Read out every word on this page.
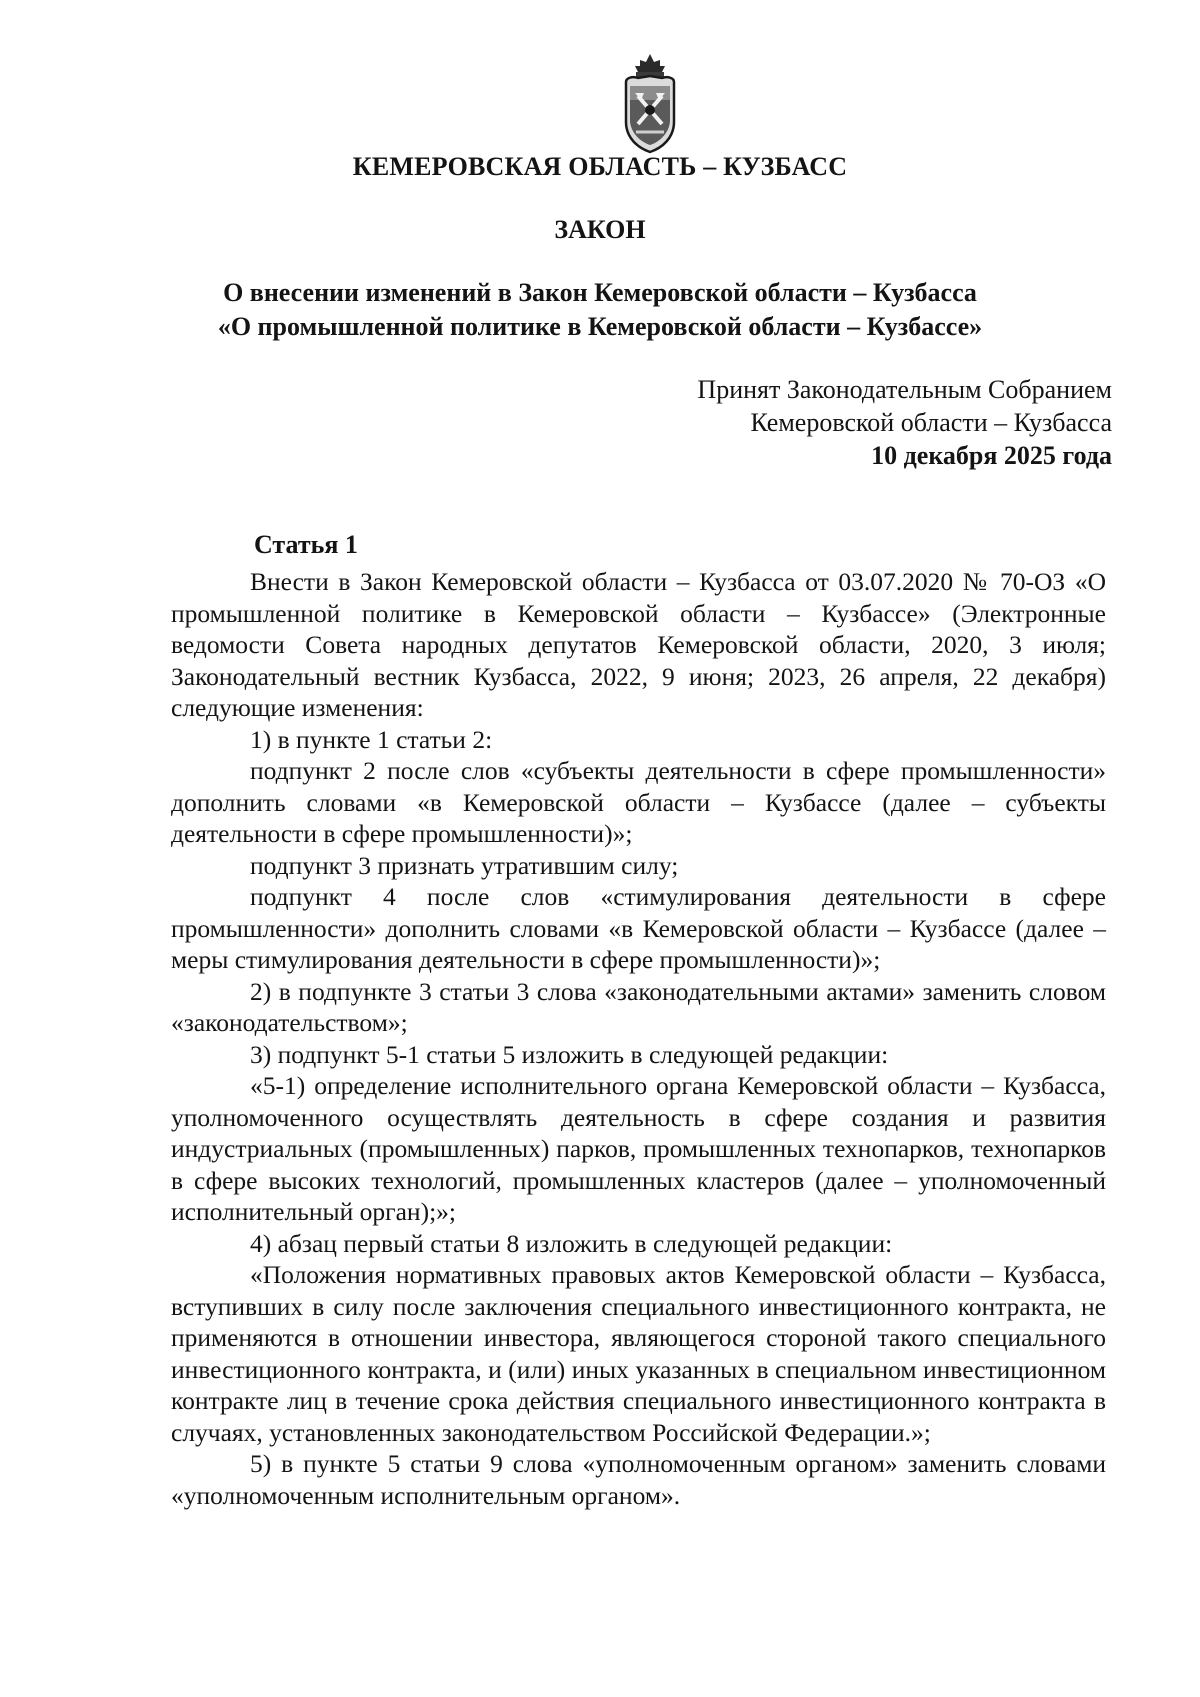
КЕМЕРОВСКАЯ ОБЛАСТЬ – КУЗБАСС
ЗАКОН
О внесении изменений в Закон Кемеровской области – Кузбасса
«О промышленной политике в Кемеровской области – Кузбассе»
Принят Законодательным Собранием
Кемеровской области – Кузбасса
10 декабря 2025 года
Статья 1

Внести в Закон Кемеровской области – Кузбасса от 03.07.2020 № 70-ОЗ «О промышленной политике в Кемеровской области – Кузбассе» (Электронные ведомости Совета народных депутатов Кемеровской области, 2020, 3 июля; Законодательный вестник Кузбасса, 2022, 9 июня; 2023, 26 апреля, 22 декабря) следующие изменения:

1) в пункте 1 статьи 2:

подпункт 2 после слов «субъекты деятельности в сфере промышленности» дополнить словами «в Кемеровской области – Кузбассе (далее – субъекты деятельности в сфере промышленности)»;

подпункт 3 признать утратившим силу;

подпункт 4 после слов «стимулирования деятельности в сфере промышленности» дополнить словами «в Кемеровской области – Кузбассе (далее – меры стимулирования деятельности в сфере промышленности)»;

2) в подпункте 3 статьи 3 слова «законодательными актами» заменить словом «законодательством»;

3) подпункт 5-1 статьи 5 изложить в следующей редакции:

«5-1) определение исполнительного органа Кемеровской области – Кузбасса, уполномоченного осуществлять деятельность в сфере создания и развития индустриальных (промышленных) парков, промышленных технопарков, технопарков в сфере высоких технологий, промышленных кластеров (далее – уполномоченный исполнительный орган);»;

4) абзац первый статьи 8 изложить в следующей редакции:

«Положения нормативных правовых актов Кемеровской области – Кузбасса, вступивших в силу после заключения специального инвестиционного контракта, не применяются в отношении инвестора, являющегося стороной такого специального инвестиционного контракта, и (или) иных указанных в специальном инвестиционном контракте лиц в течение срока действия специального инвестиционного контракта в случаях, установленных законодательством Российской Федерации.»;

5) в пункте 5 статьи 9 слова «уполномоченным органом» заменить словами «уполномоченным исполнительным органом».
